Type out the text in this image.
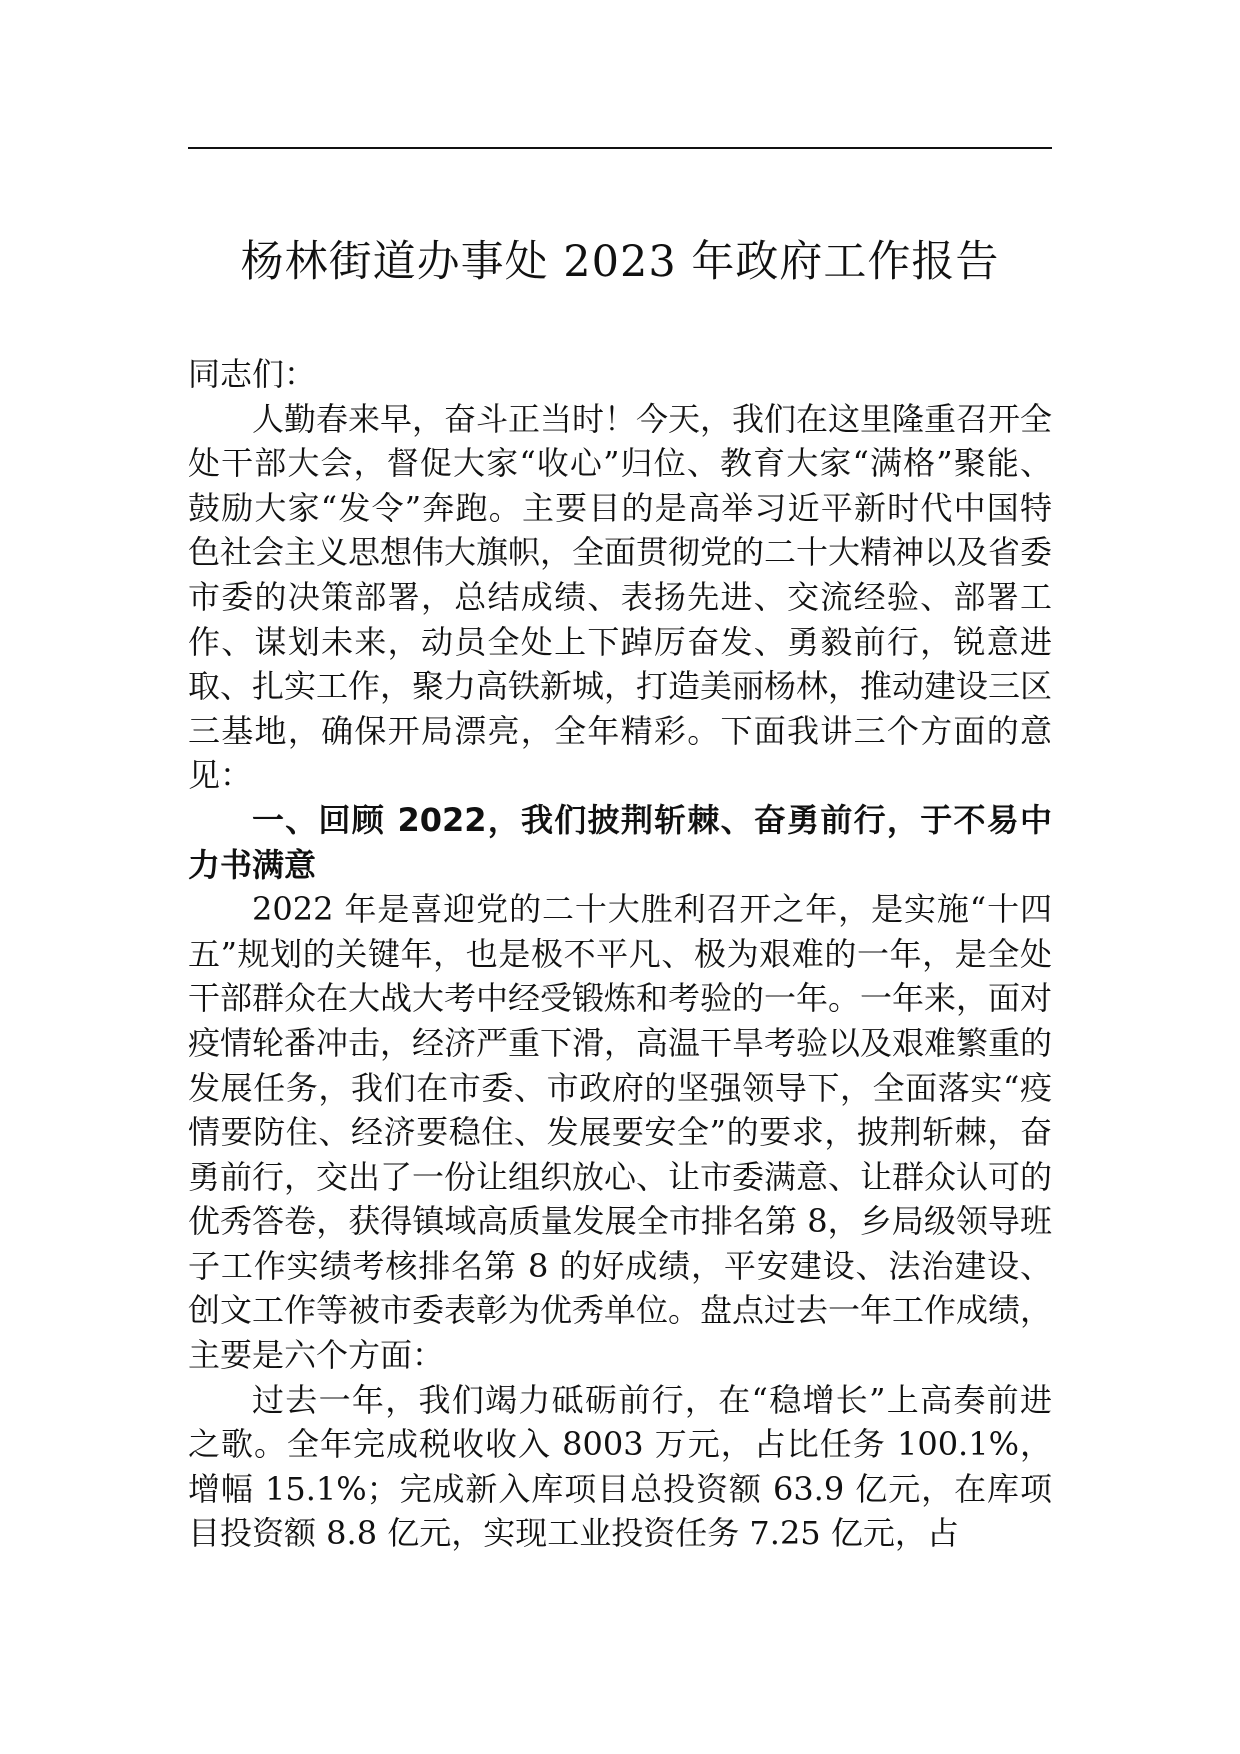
杨林街道办事处 2023 年政府工作报告

同志们：

人勤春来早，奋斗正当时！今天，我们在这里隆重召开全处干部大会，督促大家“收心”归位、教育大家“满格”聚能、鼓励大家“发令”奔跑。主要目的是高举习近平新时代中国特色社会主义思想伟大旗帜，全面贯彻党的二十大精神以及省委市委的决策部署，总结成绩、表扬先进、交流经验、部署工作、谋划未来，动员全处上下踔厉奋发、勇毅前行，锐意进取、扎实工作，聚力高铁新城，打造美丽杨林，推动建设三区三基地，确保开局漂亮，全年精彩。下面我讲三个方面的意见：

一、回顾 2022，我们披荆斩棘、奋勇前行，于不易中力书满意

2022 年是喜迎党的二十大胜利召开之年，是实施“十四五”规划的关键年，也是极不平凡、极为艰难的一年，是全处干部群众在大战大考中经受锻炼和考验的一年。一年来，面对疫情轮番冲击，经济严重下滑，高温干旱考验以及艰难繁重的发展任务，我们在市委、市政府的坚强领导下，全面落实“疫情要防住、经济要稳住、发展要安全”的要求，披荆斩棘，奋勇前行，交出了一份让组织放心、让市委满意、让群众认可的优秀答卷，获得镇域高质量发展全市排名第 8，乡局级领导班子工作实绩考核排名第 8 的好成绩，平安建设、法治建设、创文工作等被市委表彰为优秀单位。盘点过去一年工作成绩，主要是六个方面：

过去一年，我们竭力砥砺前行，在“稳增长”上高奏前进之歌。全年完成税收收入 8003 万元，占比任务 100.1%，增幅 15.1%；完成新入库项目总投资额 63.9 亿元，在库项目投资额 8.8 亿元，实现工业投资任务 7.25 亿元，占
